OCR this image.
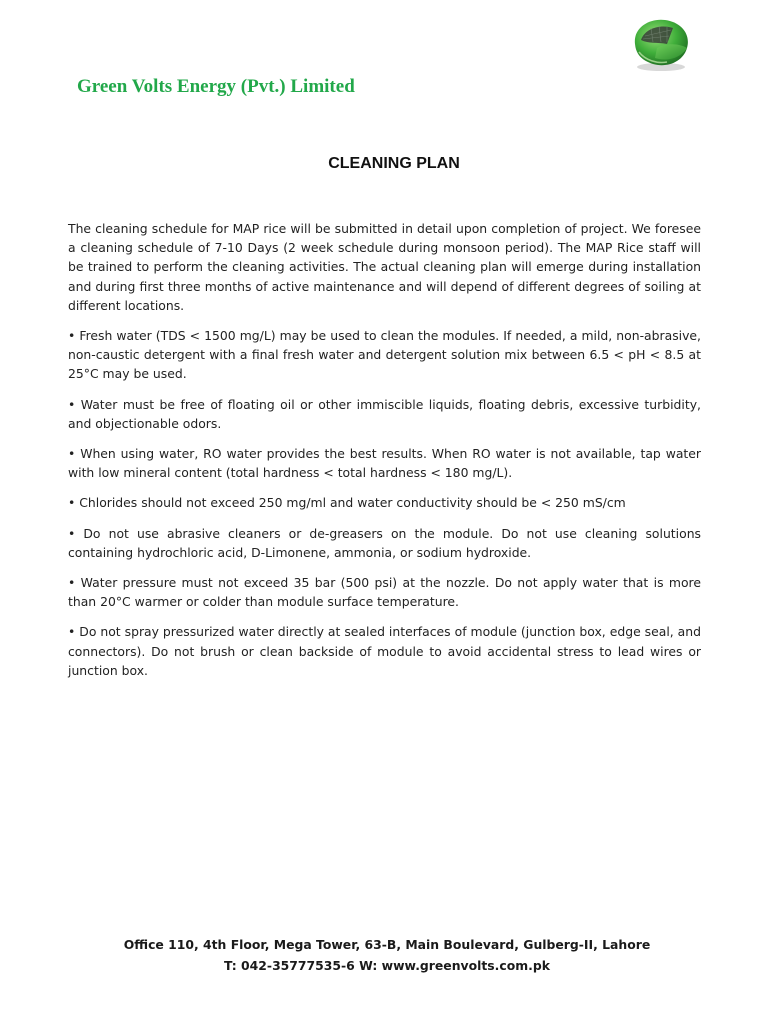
Green Volts Energy (Pvt.) Limited
CLEANING PLAN

The cleaning schedule for MAP rice will be submitted in detail upon completion of project. We foresee a cleaning schedule of 7-10 Days (2 week schedule during monsoon period). The MAP Rice staff will be trained to perform the cleaning activities. The actual cleaning plan will emerge during installation and during first three months of active maintenance and will depend of different degrees of soiling at different locations.

• Fresh water (TDS < 1500 mg/L) may be used to clean the modules. If needed, a mild, non-abrasive, non-caustic detergent with a final fresh water and detergent solution mix between 6.5 < pH < 8.5 at 25°C may be used.

• Water must be free of floating oil or other immiscible liquids, floating debris, excessive turbidity, and objectionable odors.

• When using water, RO water provides the best results. When RO water is not available, tap water with low mineral content (total hardness < total hardness < 180 mg/L).

• Chlorides should not exceed 250 mg/ml and water conductivity should be < 250 mS/cm

• Do not use abrasive cleaners or de-greasers on the module. Do not use cleaning solutions containing hydrochloric acid, D-Limonene, ammonia, or sodium hydroxide.

• Water pressure must not exceed 35 bar (500 psi) at the nozzle. Do not apply water that is more than 20°C warmer or colder than module surface temperature.

• Do not spray pressurized water directly at sealed interfaces of module (junction box, edge seal, and connectors). Do not brush or clean backside of module to avoid accidental stress to lead wires or junction box.

Office 110, 4th Floor, Mega Tower, 63-B, Main Boulevard, Gulberg-II, Lahore
T: 042-35777535-6 W: www.greenvolts.com.pk
